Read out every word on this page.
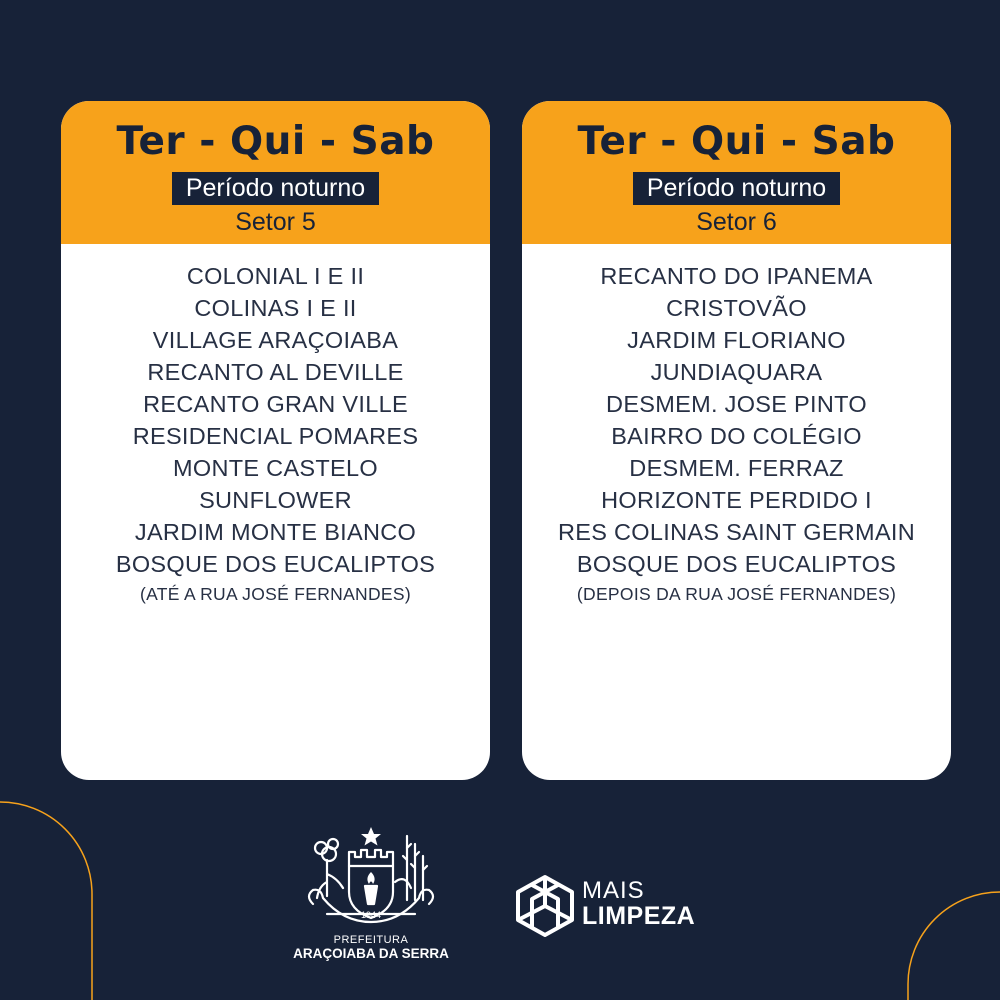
Ter - Qui - Sab
Período noturno
Setor 5
COLONIAL I E II
COLINAS I E II
VILLAGE ARAÇOIABA
RECANTO AL DEVILLE
RECANTO GRAN VILLE
RESIDENCIAL POMARES
MONTE CASTELO
SUNFLOWER
JARDIM MONTE BIANCO
BOSQUE DOS EUCALIPTOS
(ATÉ A RUA JOSÉ FERNANDES)
Ter - Qui - Sab
Período noturno
Setor 6
RECANTO DO IPANEMA
CRISTOVÃO
JARDIM FLORIANO
JUNDIAQUARA
DESMEM. JOSE PINTO
BAIRRO DO COLÉGIO
DESMEM. FERRAZ
HORIZONTE PERDIDO I
RES COLINAS SAINT GERMAIN
BOSQUE DOS EUCALIPTOS
(DEPOIS DA RUA JOSÉ FERNANDES)
1944
PREFEITURA
ARAÇOIABA DA SERRA
MAIS
LIMPEZA
